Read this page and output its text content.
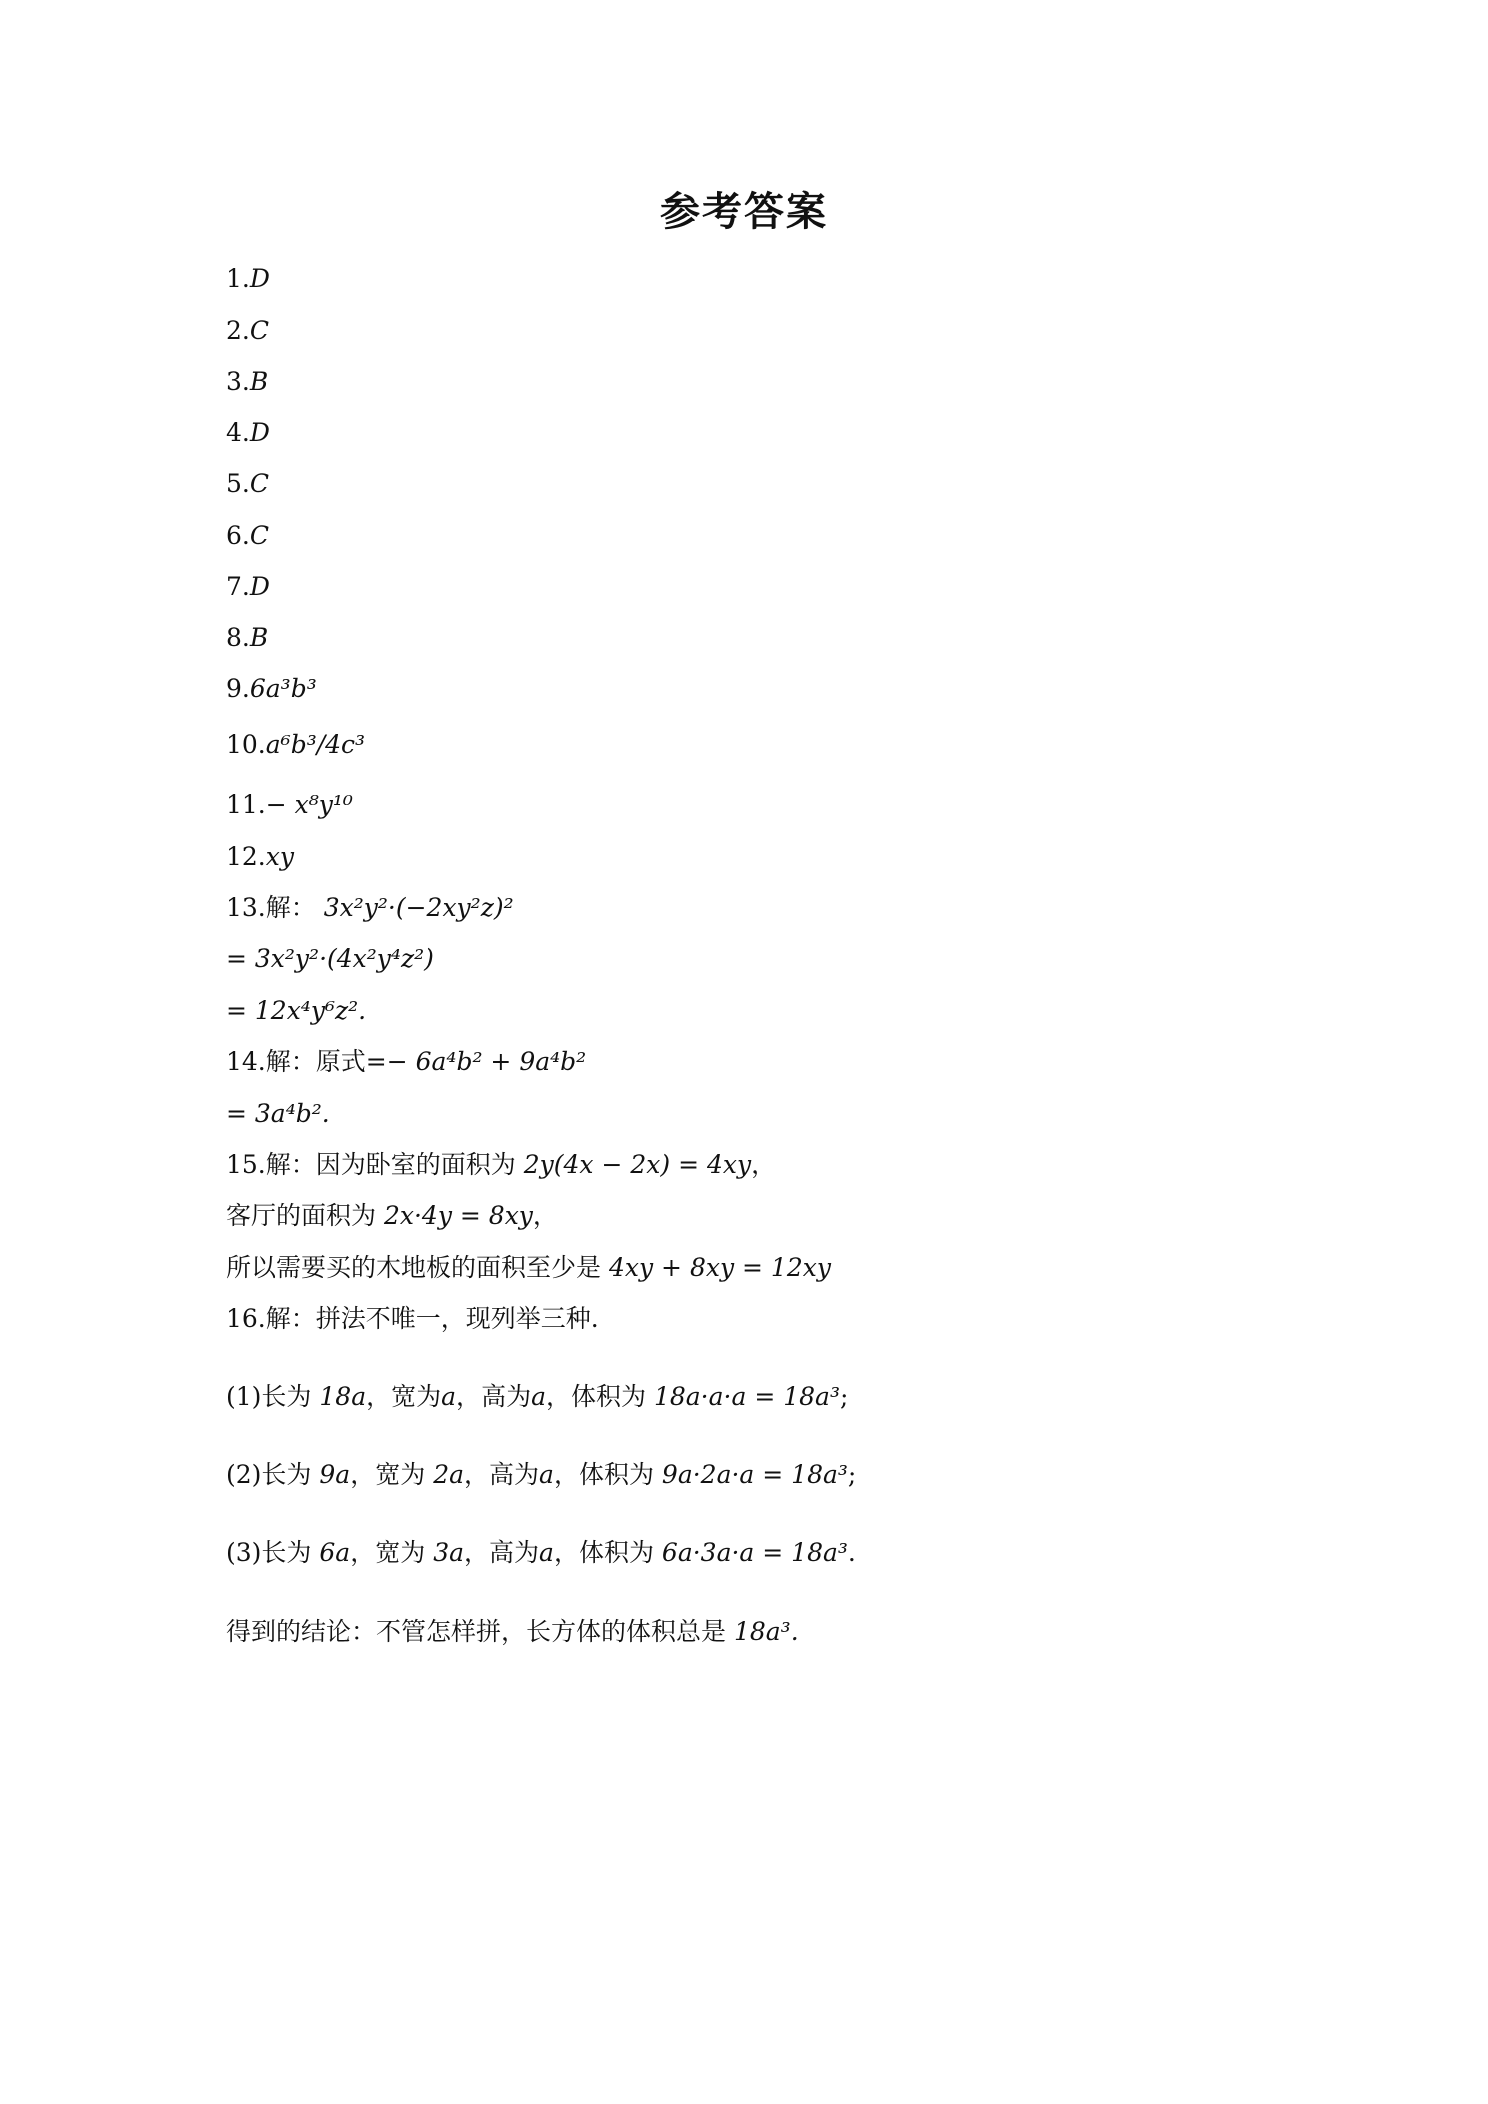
参考答案
1.D
2.C
3.B
4.D
5.C
6.C
7.D
8.B
9.6a³b³
10.a⁶b³/4c³
11.− x⁸y¹⁰
12.xy
13.解： 3x²y²·(−2xy²z)²
= 3x²y²·(4x²y⁴z²)
= 12x⁴y⁶z².
14.解：原式=− 6a⁴b² + 9a⁴b²
= 3a⁴b².
15.解：因为卧室的面积为 2y(4x − 2x) = 4xy，
客厅的面积为 2x·4y = 8xy，
所以需要买的木地板的面积至少是 4xy + 8xy = 12xy
16.解：拼法不唯一，现列举三种.
(1)长为 18a，宽为a，高为a，体积为 18a·a·a = 18a³;
(2)长为 9a，宽为 2a，高为a，体积为 9a·2a·a = 18a³;
(3)长为 6a，宽为 3a，高为a，体积为 6a·3a·a = 18a³.
得到的结论：不管怎样拼，长方体的体积总是 18a³.
